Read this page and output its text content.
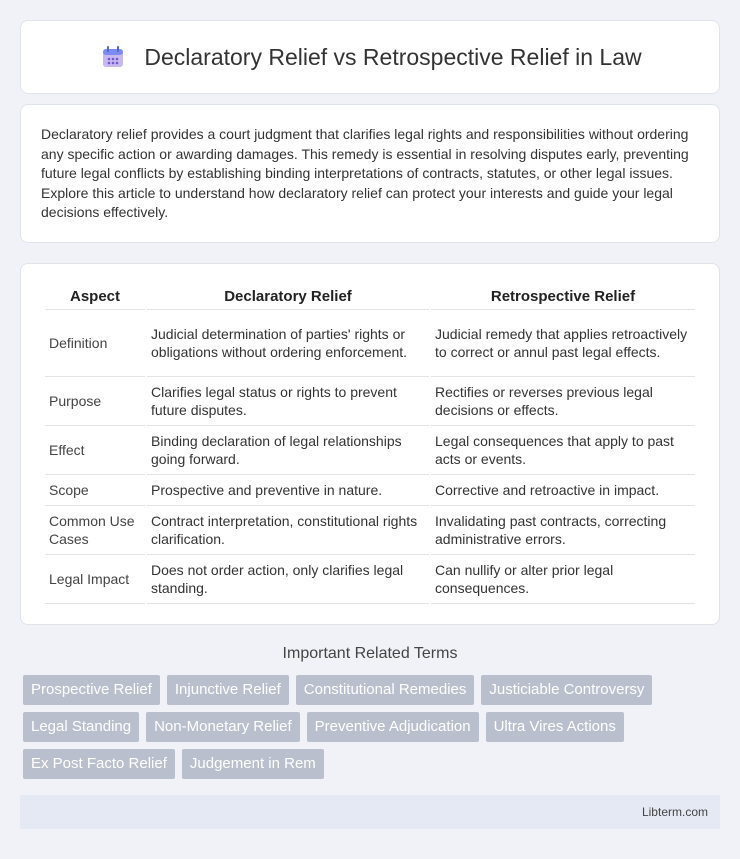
Declaratory Relief vs Retrospective Relief in Law

Declaratory relief provides a court judgment that clarifies legal rights and responsibilities without ordering any specific action or awarding damages. This remedy is essential in resolving disputes early, preventing future legal conflicts by establishing binding interpretations of contracts, statutes, or other legal issues. Explore this article to understand how declaratory relief can protect your interests and guide your legal decisions effectively.

Aspect	Declaratory Relief	Retrospective Relief
Definition	Judicial determination of parties' rights or obligations without ordering enforcement.	Judicial remedy that applies retroactively to correct or annul past legal effects.
Purpose	Clarifies legal status or rights to prevent future disputes.	Rectifies or reverses previous legal decisions or effects.
Effect	Binding declaration of legal relationships going forward.	Legal consequences that apply to past acts or events.
Scope	Prospective and preventive in nature.	Corrective and retroactive in impact.
Common Use Cases	Contract interpretation, constitutional rights clarification.	Invalidating past contracts, correcting administrative errors.
Legal Impact	Does not order action, only clarifies legal standing.	Can nullify or alter prior legal consequences.
Important Related Terms
Prospective Relief	Injunctive Relief	Constitutional Remedies	Justiciable Controversy
Legal Standing	Non-Monetary Relief	Preventive Adjudication	Ultra Vires Actions
Ex Post Facto Relief	Judgement in Rem
Libterm.com
